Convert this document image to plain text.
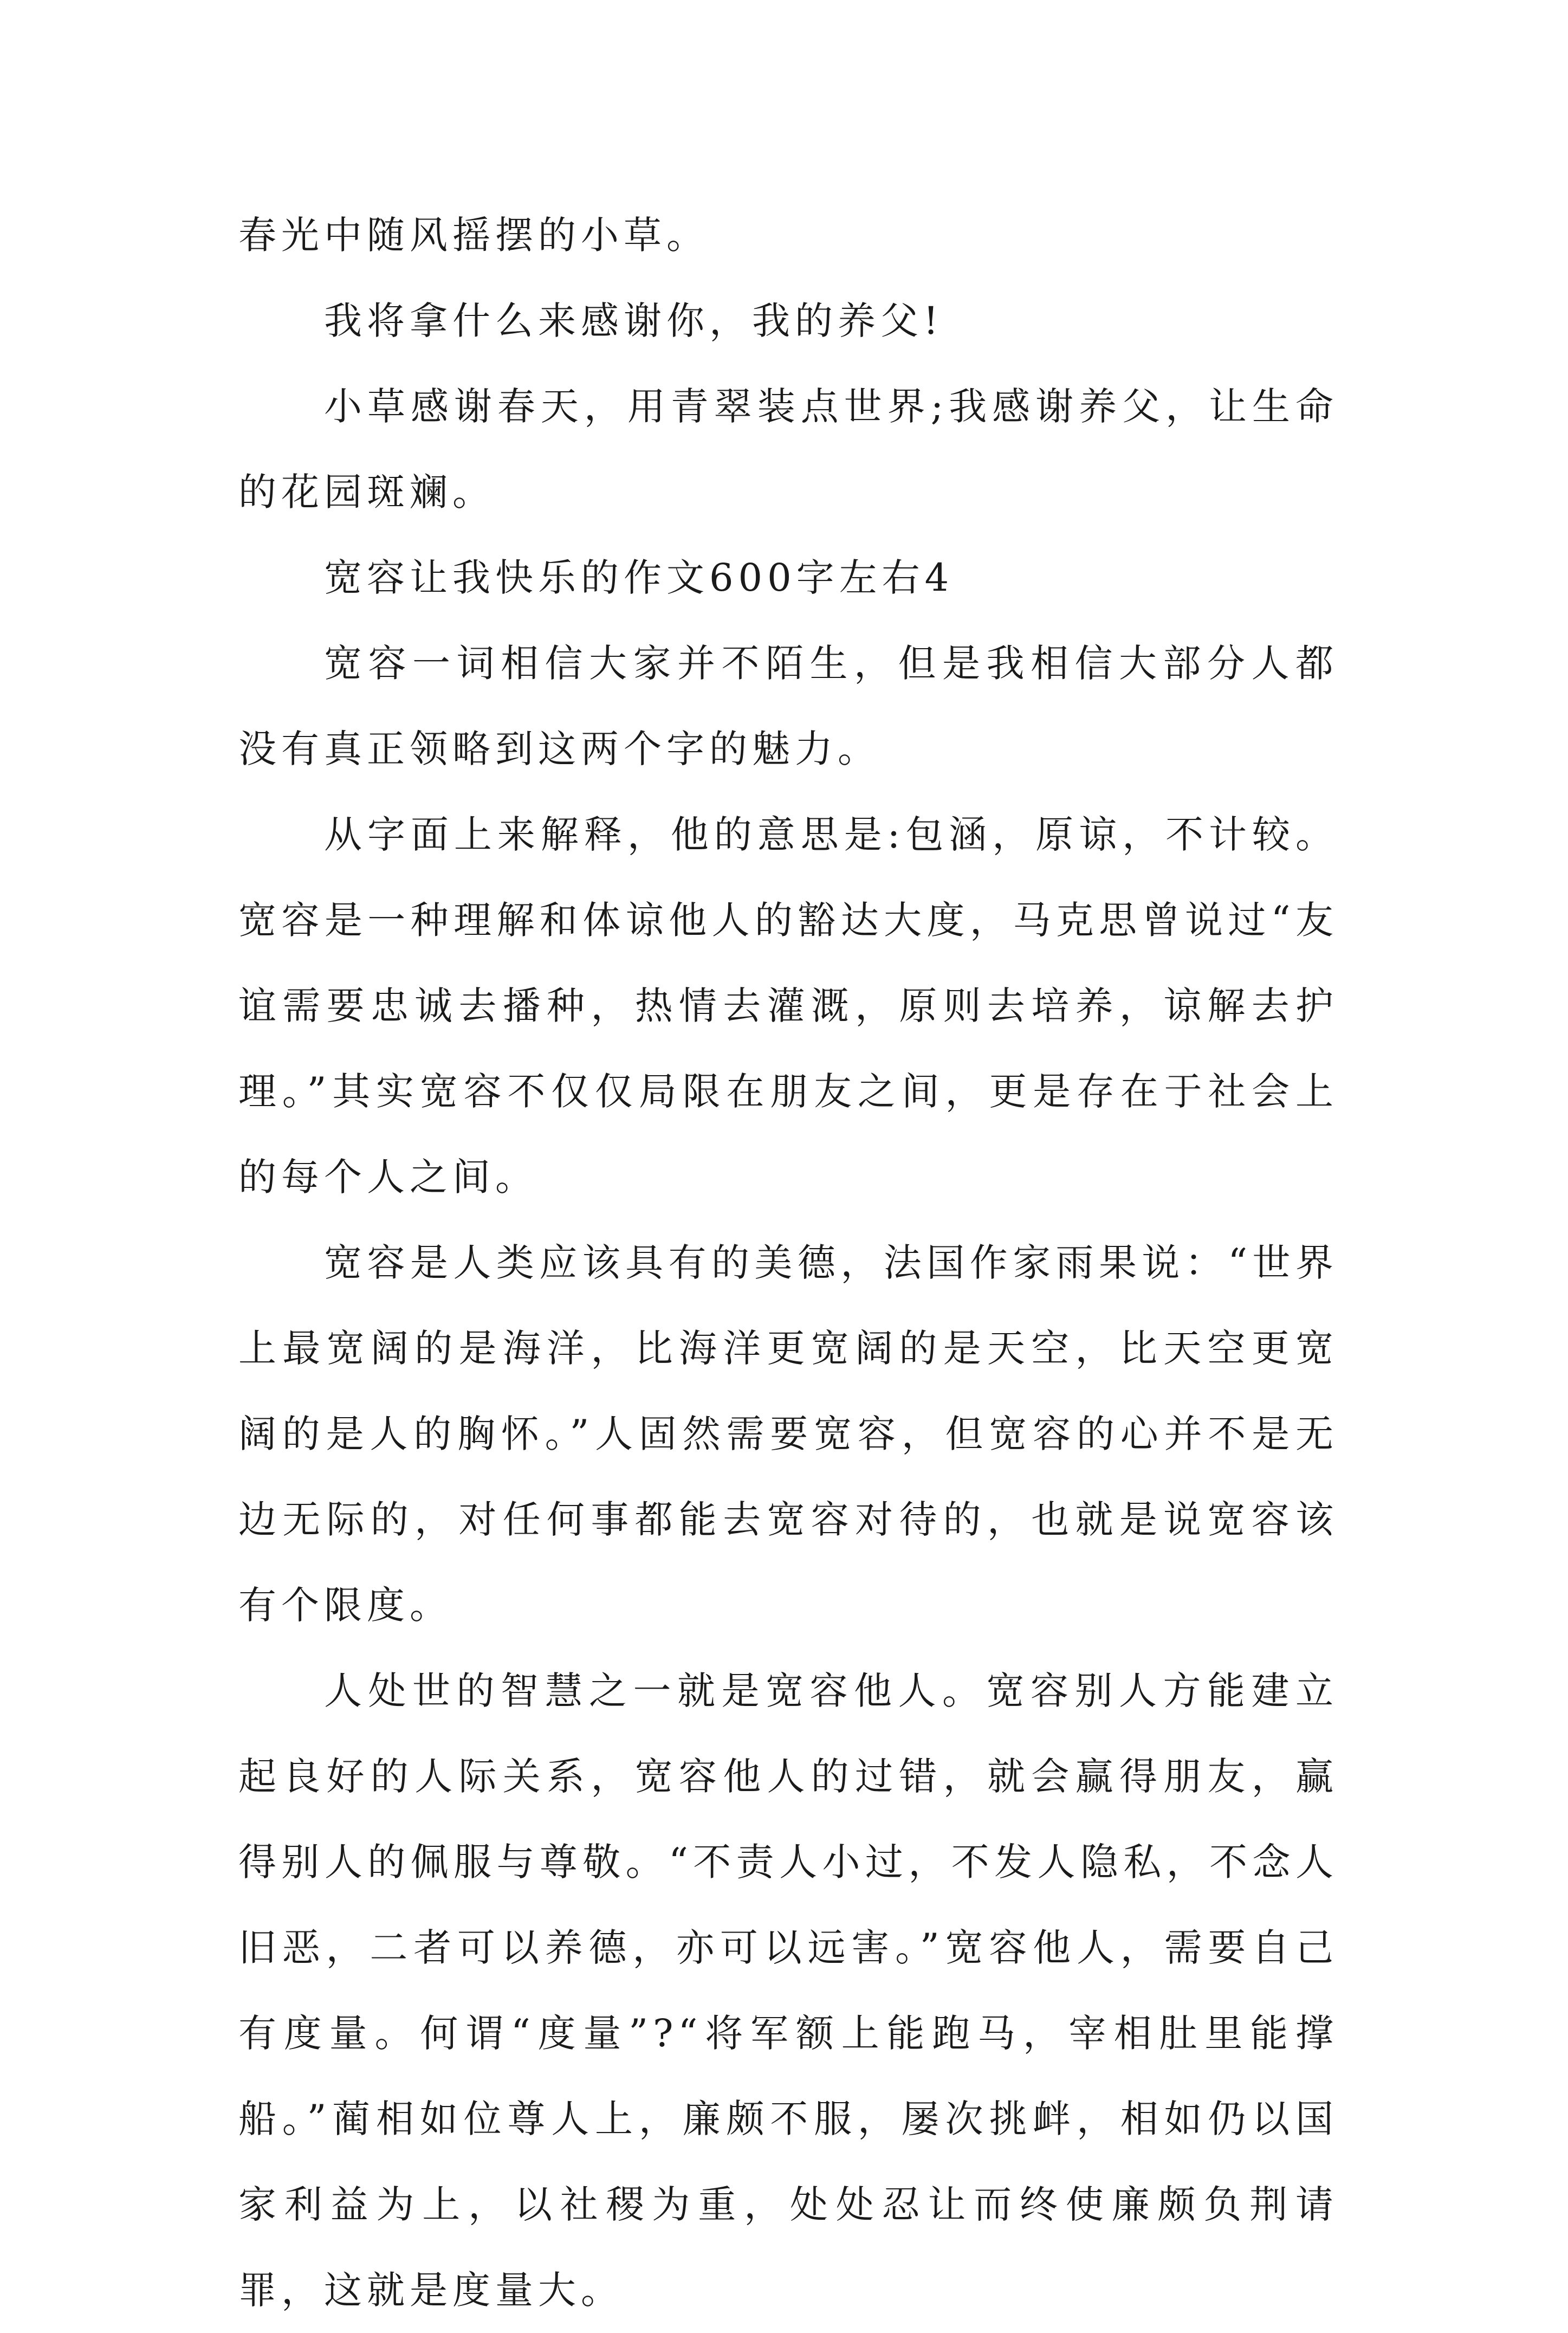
春光中随风摇摆的小草。

我将拿什么来感谢你，我的养父!

小草感谢春天，用青翠装点世界;我感谢养父，让生命的花园斑斓。

宽容让我快乐的作文600字左右4

宽容一词相信大家并不陌生，但是我相信大部分人都没有真正领略到这两个字的魅力。

从字面上来解释，他的意思是:包涵，原谅，不计较。宽容是一种理解和体谅他人的豁达大度，马克思曾说过“友谊需要忠诚去播种，热情去灌溉，原则去培养，谅解去护理。”其实宽容不仅仅局限在朋友之间，更是存在于社会上的每个人之间。

宽容是人类应该具有的美德，法国作家雨果说：“世界上最宽阔的是海洋，比海洋更宽阔的是天空，比天空更宽阔的是人的胸怀。”人固然需要宽容，但宽容的心并不是无边无际的，对任何事都能去宽容对待的，也就是说宽容该有个限度。

人处世的智慧之一就是宽容他人。宽容别人方能建立起良好的人际关系，宽容他人的过错，就会赢得朋友，赢得别人的佩服与尊敬。“不责人小过，不发人隐私，不念人旧恶，二者可以养德，亦可以远害。”宽容他人，需要自己有度量。何谓“度量”?“将军额上能跑马，宰相肚里能撑船。”蔺相如位尊人上，廉颇不服，屡次挑衅，相如仍以国家利益为上，以社稷为重，处处忍让而终使廉颇负荆请罪，这就是度量大。
